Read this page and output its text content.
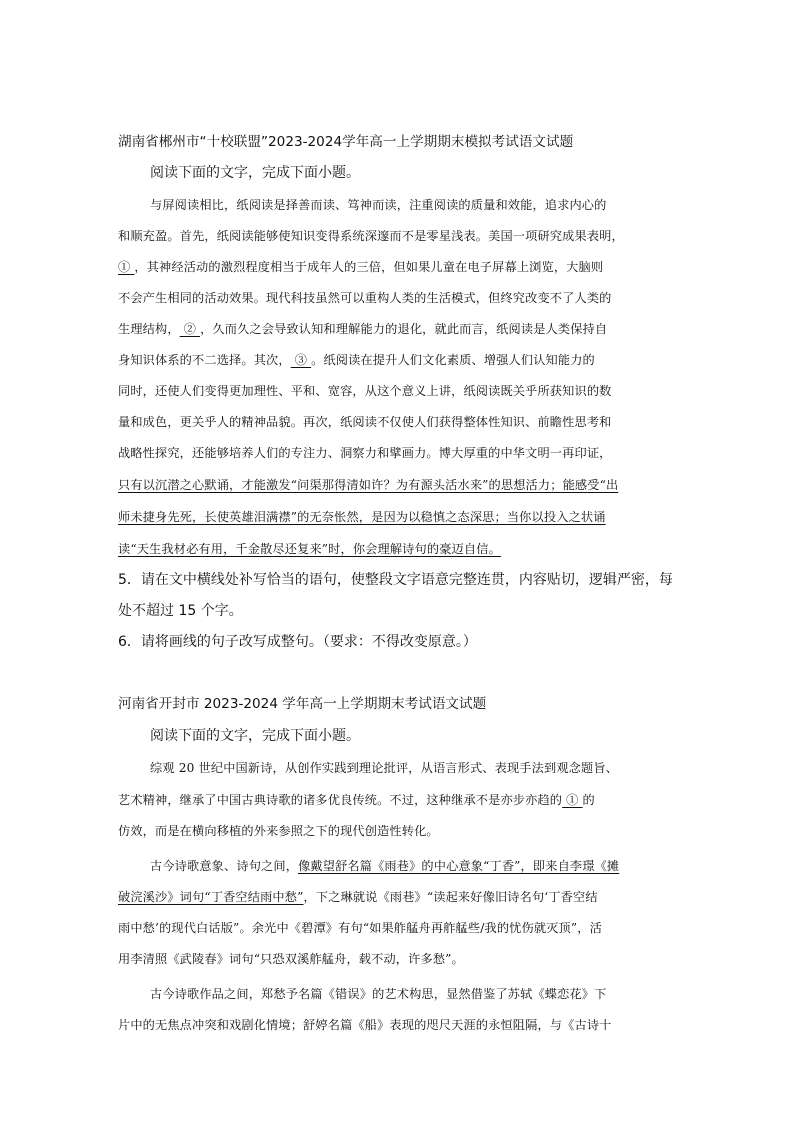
湖南省郴州市“十校联盟”2023-2024学年高一上学期期末模拟考试语文试题
阅读下面的文字，完成下面小题。
与屏阅读相比，纸阅读是择善而读、笃神而读，注重阅读的质量和效能，追求内心的
和顺充盈。首先，纸阅读能够使知识变得系统深邃而不是零星浅表。美国一项研究成果表明，
① ，其神经活动的激烈程度相当于成年人的三倍，但如果儿童在电子屏幕上浏览，大脑则
不会产生相同的活动效果。现代科技虽然可以重构人类的生活模式，但终究改变不了人类的
生理结构， ② ，久而久之会导致认知和理解能力的退化，就此而言，纸阅读是人类保持自
身知识体系的不二选择。其次， ③ 。纸阅读在提升人们文化素质、增强人们认知能力的
同时，还使人们变得更加理性、平和、宽容，从这个意义上讲，纸阅读既关乎所获知识的数
量和成色，更关乎人的精神品貌。再次，纸阅读不仅使人们获得整体性知识、前瞻性思考和
战略性探究，还能够培养人们的专注力、洞察力和擘画力。博大厚重的中华文明一再印证，
只有以沉潜之心默诵，才能激发“问渠那得清如许？为有源头活水来”的思想活力；能感受“出
师未捷身先死，长使英雄泪满襟”的无奈怅然，是因为以稳慎之态深思；当你以投入之状诵
读“天生我材必有用，千金散尽还复来”时，你会理解诗句的豪迈自信。
5．请在文中横线处补写恰当的语句，使整段文字语意完整连贯，内容贴切，逻辑严密，每
处不超过 15 个字。
6．请将画线的句子改写成整句。（要求：不得改变原意。）
河南省开封市 2023-2024 学年高一上学期期末考试语文试题
阅读下面的文字，完成下面小题。
综观 20 世纪中国新诗，从创作实践到理论批评，从语言形式、表现手法到观念题旨、
艺术精神，继承了中国古典诗歌的诸多优良传统。不过，这种继承不是亦步亦趋的 ① 的
仿效，而是在横向移植的外来参照之下的现代创造性转化。
古今诗歌意象、诗句之间，像戴望舒名篇《雨巷》的中心意象“丁香”，即来自李璟《摊
破浣溪沙》词句“丁香空结雨中愁”，下之琳就说《雨巷》“读起来好像旧诗名句‘丁香空结
雨中愁’的现代白话版”。余光中《碧潭》有句“如果舴艋舟再舴艋些/我的忧伤就灭顶”，活
用李清照《武陵春》词句“只恐双溪舴艋舟，载不动，许多愁”。
古今诗歌作品之间，郑愁予名篇《错误》的艺术构思，显然借鉴了苏轼《蝶恋花》下
片中的无焦点冲突和戏剧化情境；舒婷名篇《船》表现的咫尺天涯的永恒阻隔，与《古诗十
